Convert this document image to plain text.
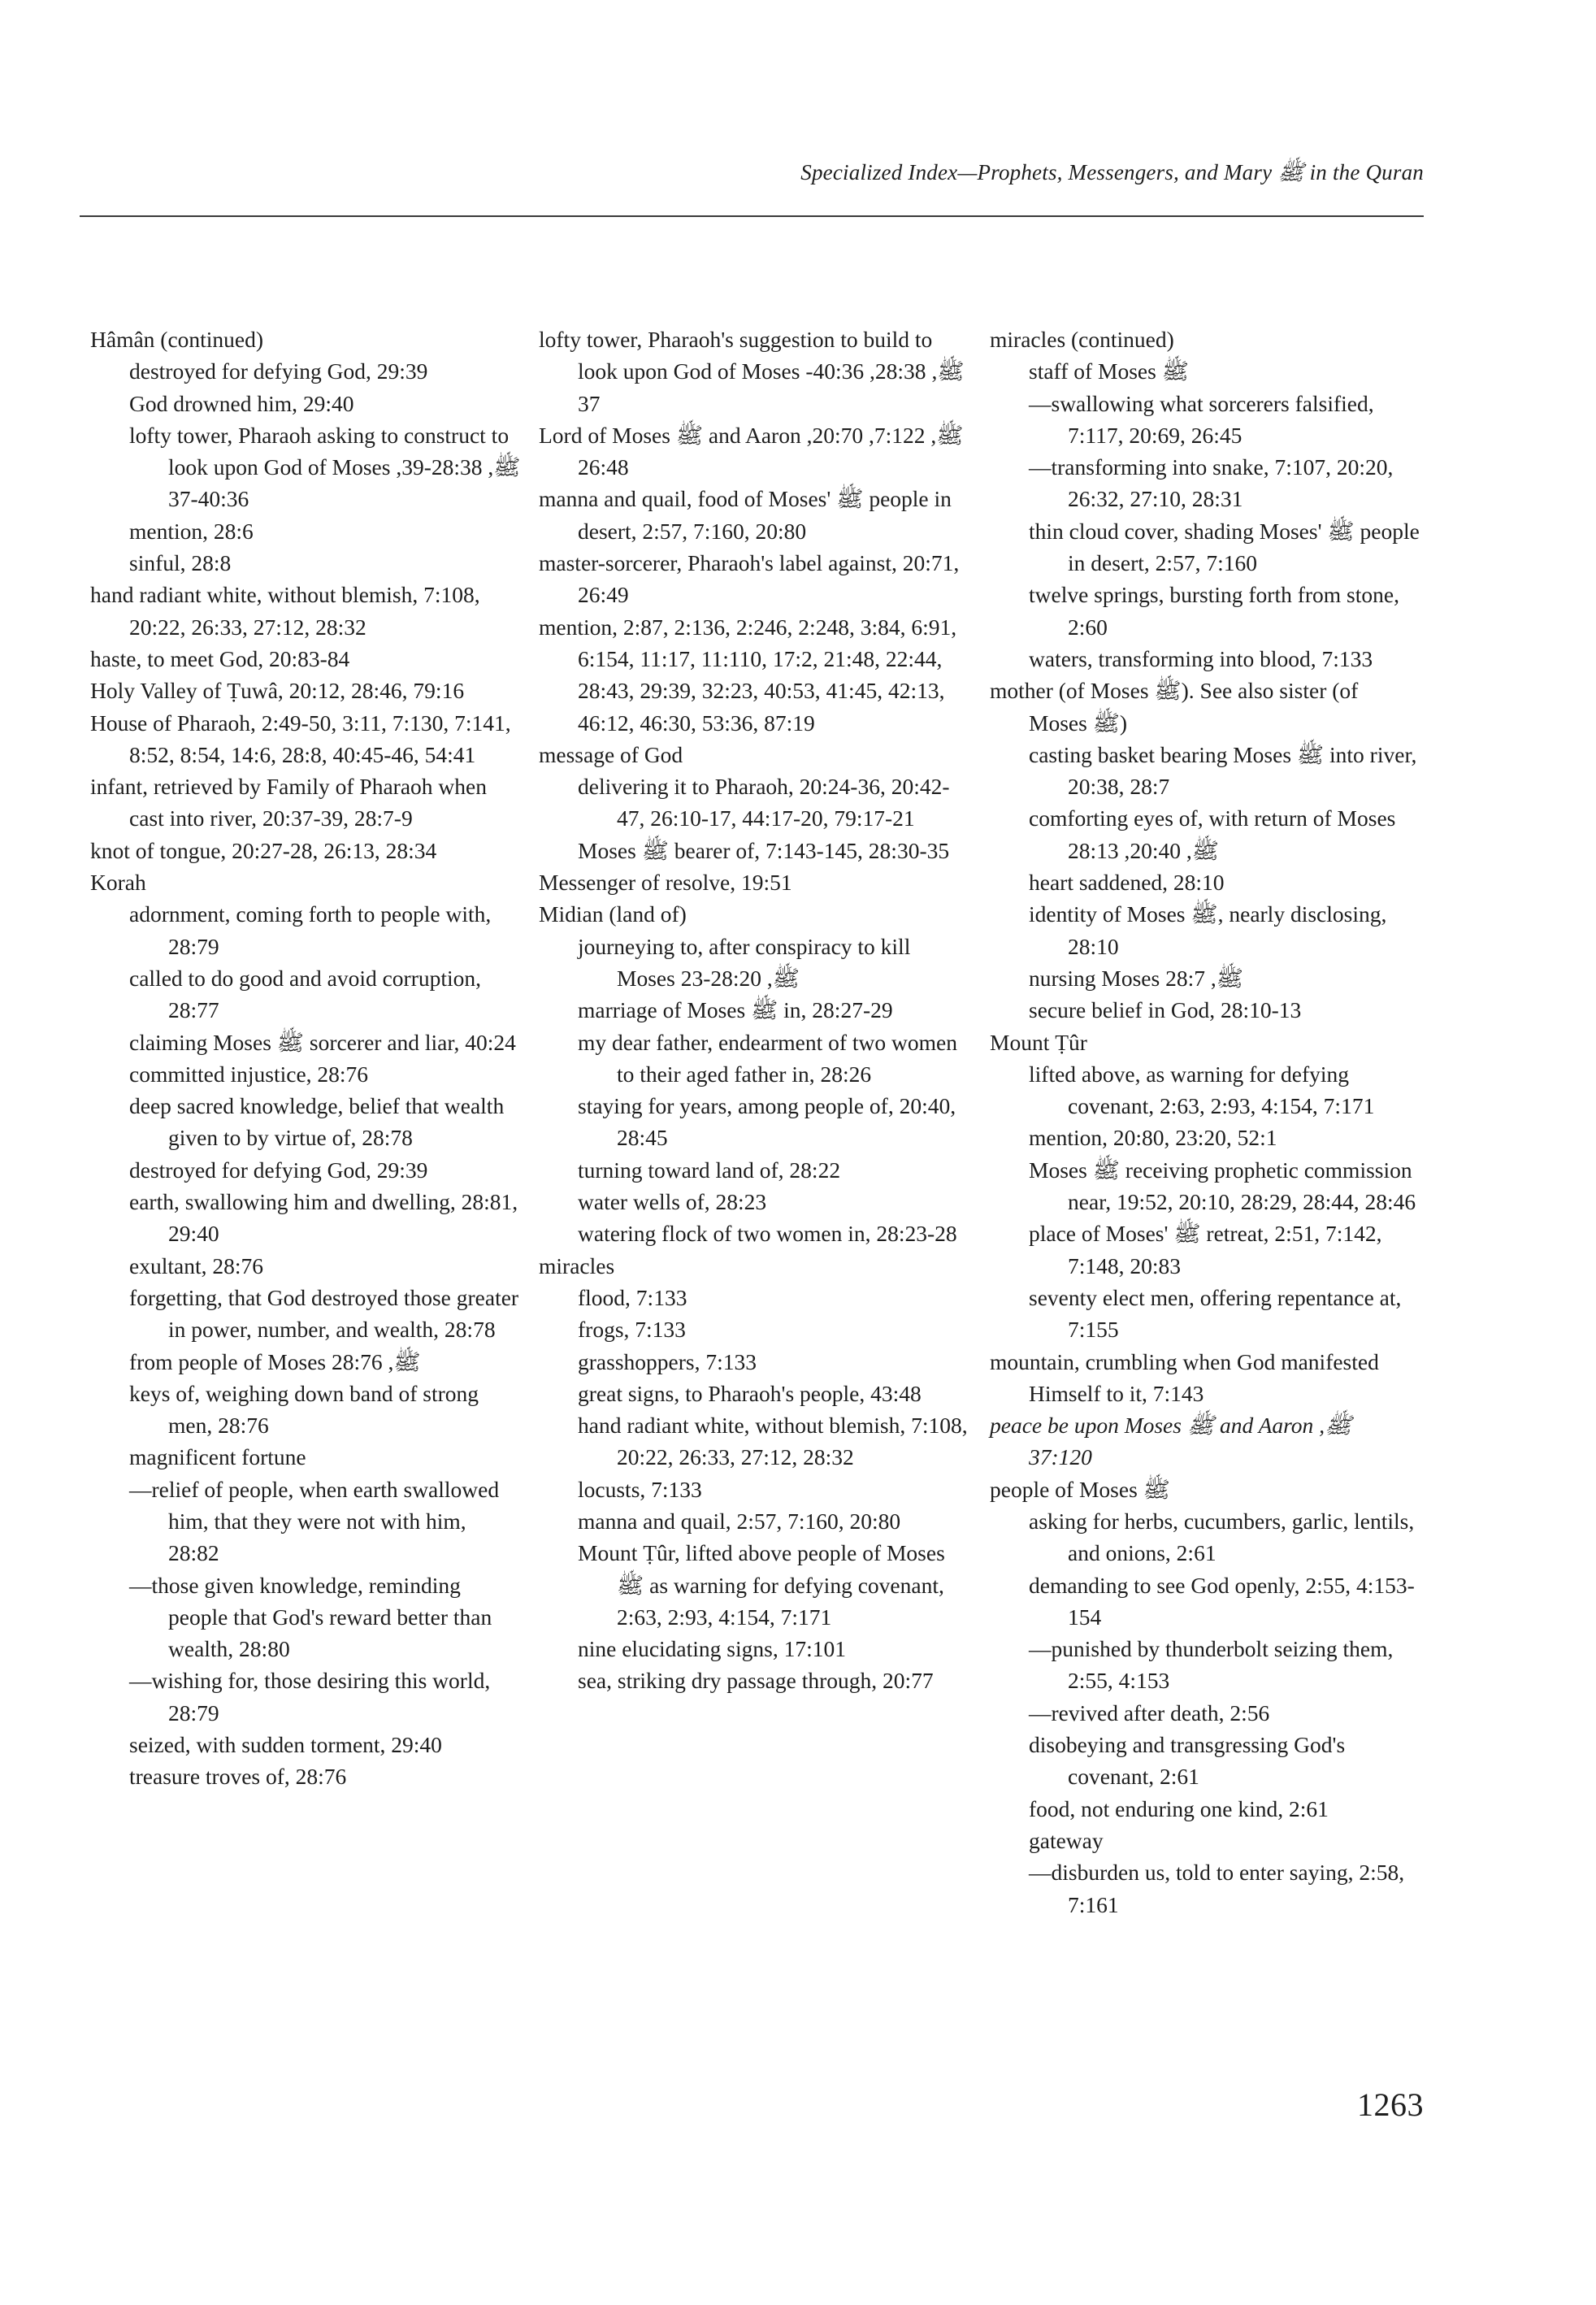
Specialized Index—Prophets, Messengers, and Mary ﷺ in the Quran
Hâmân (continued)
destroyed for defying God, 29:39
God drowned him, 29:40
lofty tower, Pharaoh asking to construct to look upon God of Moses ﷺ, 28:38-39, 40:36-37
mention, 28:6
sinful, 28:8
hand radiant white, without blemish, 7:108, 20:22, 26:33, 27:12, 28:32
haste, to meet God, 20:83-84
Holy Valley of Ṭuwâ, 20:12, 28:46, 79:16
House of Pharaoh, 2:49-50, 3:11, 7:130, 7:141, 8:52, 8:54, 14:6, 28:8, 40:45-46, 54:41
infant, retrieved by Family of Pharaoh when cast into river, 20:37-39, 28:7-9
knot of tongue, 20:27-28, 26:13, 28:34
Korah
adornment, coming forth to people with, 28:79
called to do good and avoid corruption, 28:77
claiming Moses ﷺ sorcerer and liar, 40:24
committed injustice, 28:76
deep sacred knowledge, belief that wealth given to by virtue of, 28:78
destroyed for defying God, 29:39
earth, swallowing him and dwelling, 28:81, 29:40
exultant, 28:76
forgetting, that God destroyed those greater in power, number, and wealth, 28:78
from people of Moses ﷺ, 28:76
keys of, weighing down band of strong men, 28:76
magnificent fortune
—relief of people, when earth swallowed him, that they were not with him, 28:82
—those given knowledge, reminding people that God's reward better than wealth, 28:80
—wishing for, those desiring this world, 28:79
seized, with sudden torment, 29:40
treasure troves of, 28:76
lofty tower, Pharaoh's suggestion to build to look upon God of Moses ﷺ, 28:38, 40:36-37
Lord of Moses ﷺ and Aaron ﷺ, 7:122, 20:70, 26:48
manna and quail, food of Moses' ﷺ people in desert, 2:57, 7:160, 20:80
master-sorcerer, Pharaoh's label against, 20:71, 26:49
mention, 2:87, 2:136, 2:246, 2:248, 3:84, 6:91, 6:154, 11:17, 11:110, 17:2, 21:48, 22:44, 28:43, 29:39, 32:23, 40:53, 41:45, 42:13, 46:12, 46:30, 53:36, 87:19
message of God
delivering it to Pharaoh, 20:24-36, 20:42-47, 26:10-17, 44:17-20, 79:17-21
Moses ﷺ bearer of, 7:143-145, 28:30-35
Messenger of resolve, 19:51
Midian (land of)
journeying to, after conspiracy to kill Moses ﷺ, 28:20-23
marriage of Moses ﷺ in, 28:27-29
my dear father, endearment of two women to their aged father in, 28:26
staying for years, among people of, 20:40, 28:45
turning toward land of, 28:22
water wells of, 28:23
watering flock of two women in, 28:23-28
miracles
flood, 7:133
frogs, 7:133
grasshoppers, 7:133
great signs, to Pharaoh's people, 43:48
hand radiant white, without blemish, 7:108, 20:22, 26:33, 27:12, 28:32
locusts, 7:133
manna and quail, 2:57, 7:160, 20:80
Mount Ṭûr, lifted above people of Moses ﷺ as warning for defying covenant, 2:63, 2:93, 4:154, 7:171
nine elucidating signs, 17:101
sea, striking dry passage through, 20:77
miracles (continued)
staff of Moses ﷺ
—swallowing what sorcerers falsified, 7:117, 20:69, 26:45
—transforming into snake, 7:107, 20:20, 26:32, 27:10, 28:31
thin cloud cover, shading Moses' ﷺ people in desert, 2:57, 7:160
twelve springs, bursting forth from stone, 2:60
waters, transforming into blood, 7:133
mother (of Moses ﷺ). See also sister (of Moses ﷺ)
casting basket bearing Moses ﷺ into river, 20:38, 28:7
comforting eyes of, with return of Moses ﷺ, 20:40, 28:13
heart saddened, 28:10
identity of Moses ﷺ, nearly disclosing, 28:10
nursing Moses ﷺ, 28:7
secure belief in God, 28:10-13
Mount Ṭûr
lifted above, as warning for defying covenant, 2:63, 2:93, 4:154, 7:171
mention, 20:80, 23:20, 52:1
Moses ﷺ receiving prophetic commission near, 19:52, 20:10, 28:29, 28:44, 28:46
place of Moses' ﷺ retreat, 2:51, 7:142, 7:148, 20:83
seventy elect men, offering repentance at, 7:155
mountain, crumbling when God manifested Himself to it, 7:143
peace be upon Moses ﷺ and Aaron ﷺ, 37:120
people of Moses ﷺ
asking for herbs, cucumbers, garlic, lentils, and onions, 2:61
demanding to see God openly, 2:55, 4:153-154
—punished by thunderbolt seizing them, 2:55, 4:153
—revived after death, 2:56
disobeying and transgressing God's covenant, 2:61
food, not enduring one kind, 2:61
gateway
—disburden us, told to enter saying, 2:58, 7:161
1263
